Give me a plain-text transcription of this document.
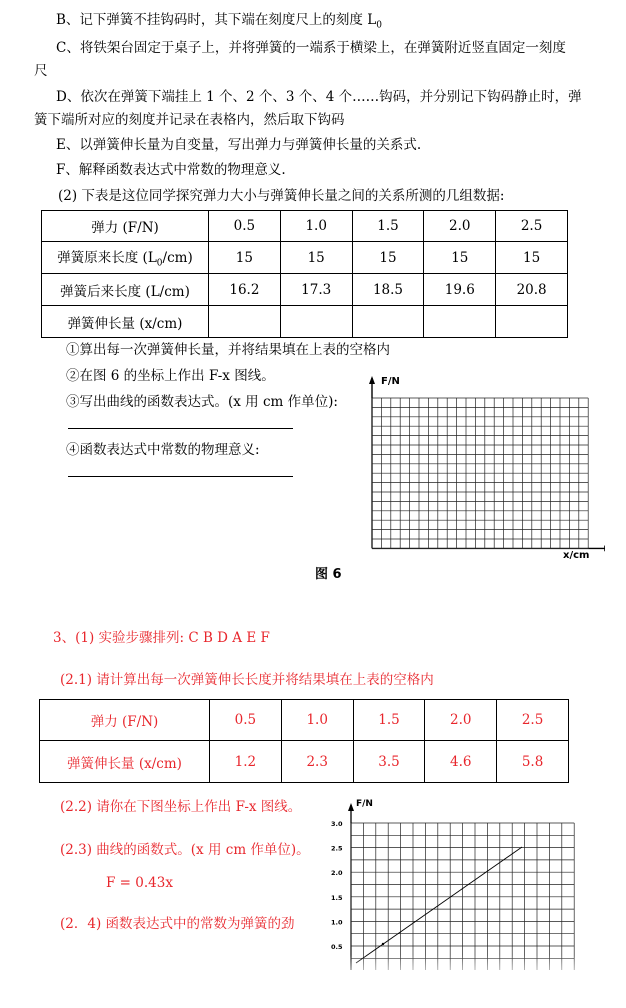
B、记下弹簧不挂钩码时，其下端在刻度尺上的刻度 $L_0$
C、将铁架台固定于桌子上，并将弹簧的一端系于横梁上，在弹簧附近竖直固定一刻度
尺
D、依次在弹簧下端挂上 1 个、2 个、3 个、4 个……钩码，并分别记下钩码静止时，弹
簧下端所对应的刻度并记录在表格内，然后取下钩码
E、以弹簧伸长量为自变量，写出弹力与弹簧伸长量的关系式.
F、解释函数表达式中常数的物理意义.
(2) 下表是这位同学探究弹力大小与弹簧伸长量之间的关系所测的几组数据:
弹力 (F/N)	0.5	1.0	1.5	2.0	2.5
弹簧原来长度 $(L_0/cm)$	15	15	15	15	15
弹簧后来长度 (L/cm)	16.2	17.3	18.5	19.6	20.8
弹簧伸长量 (x/cm)					
①算出每一次弹簧伸长量，并将结果填在上表的空格内
②在图 6 的坐标上作出 F-x 图线。
③写出曲线的函数表达式。(x 用 cm 作单位):
④函数表达式中常数的物理意义:
F/N
x/cm
图 6
3、(1) 实验步骤排列: C B D A E F
(2.1) 请计算出每一次弹簧伸长长度并将结果填在上表的空格内
弹力 (F/N)	0.5	1.0	1.5	2.0	2.5
弹簧伸长量 (x/cm)	1.2	2.3	3.5	4.6	5.8
(2.2) 请你在下图坐标上作出 F-x 图线。
(2.3) 曲线的函数式。(x 用 cm 作单位)。
F = 0.43x
(2．4) 函数表达式中的常数为弹簧的劲
F/N
3.0
2.5
2.0
1.5
1.0
0.5
